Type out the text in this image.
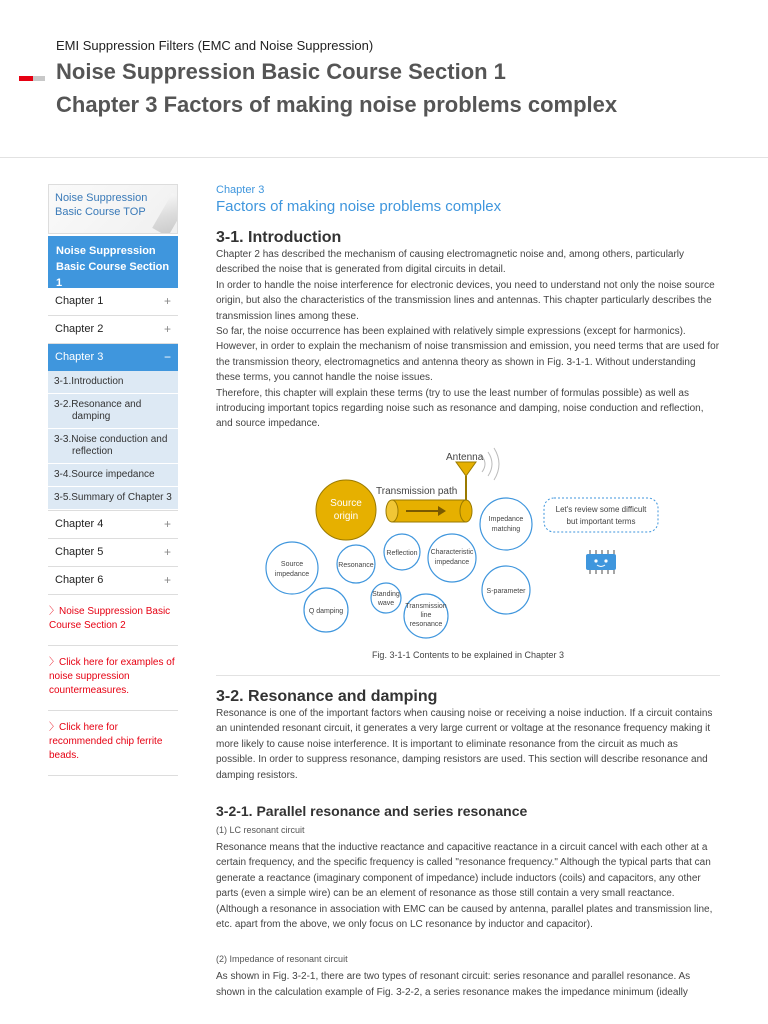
EMI Suppression Filters (EMC and Noise Suppression)

Noise Suppression Basic Course Section 1
Chapter 3 Factors of making noise problems complex
Noise Suppression Basic Course TOP
Noise Suppression Basic Course Section 1
Chapter 1	+
Chapter 2	+
Chapter 3	−
3-1.Introduction
3-2.Resonance and
damping
3-3.Noise conduction and
reflection
3-4.Source impedance
3-5.Summary of Chapter 3
Chapter 4	+
Chapter 5	+
Chapter 6	+
〉Noise Suppression Basic Course Section 2
〉Click here for examples of noise suppression countermeasures.
〉Click here for recommended chip ferrite beads.
Chapter 3
Factors of making noise problems complex
3-1. Introduction

Chapter 2 has described the mechanism of causing electromagnetic noise and, among others, particularly described the noise that is generated from digital circuits in detail.

In order to handle the noise interference for electronic devices, you need to understand not only the noise source origin, but also the characteristics of the transmission lines and antennas. This chapter particularly describes the transmission lines among these.

So far, the noise occurrence has been explained with relatively simple expressions (except for harmonics). However, in order to explain the mechanism of noise transmission and emission, you need terms that are used for the transmission theory, electromagnetics and antenna theory as shown in Fig. 3-1-1. Without understanding these terms, you cannot handle the noise issues.

Therefore, this chapter will explain these terms (try to use the least number of formulas possible) as well as introducing important topics regarding noise such as resonance and damping, noise conduction and reflection, and source impedance.

Antenna
Transmission path
Source
origin
Source
impedance
Resonance
Reflection Characteristic
impedance
Impedance
matching
Standing
wave
Q damping
Transmission
line
resonance
S-parameter
Let's review some difficult
but important terms
Fig. 3-1-1 Contents to be explained in Chapter 3
3-2. Resonance and damping

Resonance is one of the important factors when causing noise or receiving a noise induction. If a circuit contains an unintended resonant circuit, it generates a very large current or voltage at the resonance frequency making it more likely to cause noise interference. It is important to eliminate resonance from the circuit as much as possible. In order to suppress resonance, damping resistors are used. This section will describe resonance and damping resistors.

3-2-1. Parallel resonance and series resonance
(1) LC resonant circuit

Resonance means that the inductive reactance and capacitive reactance in a circuit cancel with each other at a certain frequency, and the specific frequency is called "resonance frequency." Although the typical parts that can generate a reactance (imaginary component of impedance) include inductors (coils) and capacitors, any other parts (even a simple wire) can be an element of resonance as those still contain a very small reactance. (Although a resonance in association with EMC can be caused by antenna, parallel plates and transmission line, etc. apart from the above, we only focus on LC resonance by inductor and capacitor).

(2) Impedance of resonant circuit

As shown in Fig. 3-2-1, there are two types of resonant circuit: series resonance and parallel resonance. As shown in the calculation example of Fig. 3-2-2, a series resonance makes the impedance minimum (ideally
